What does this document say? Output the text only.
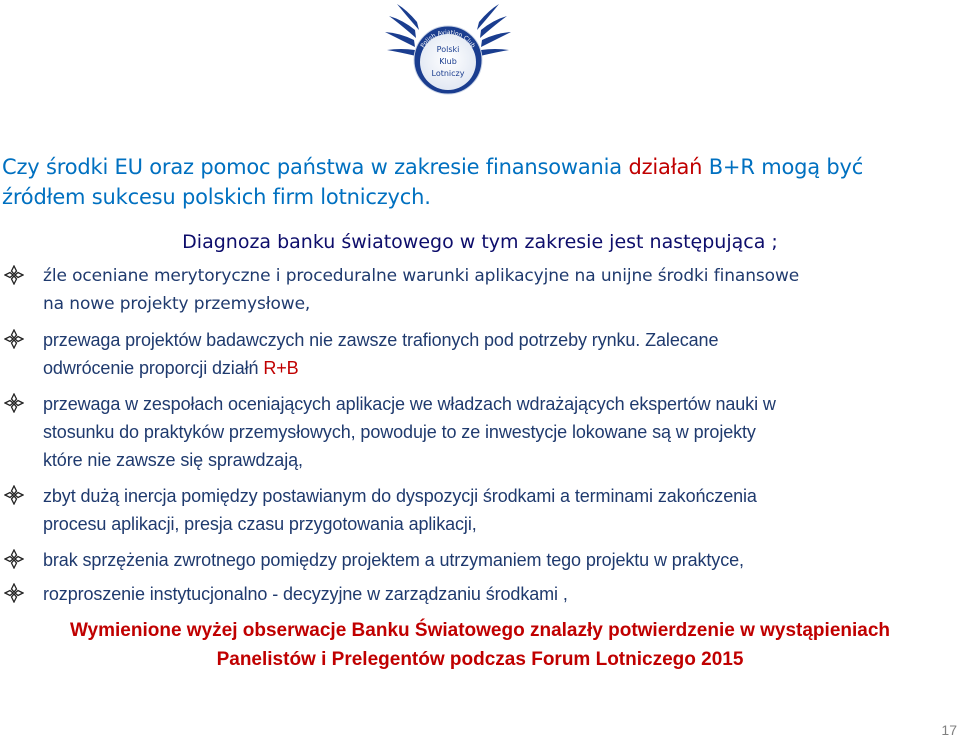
Polish Aviation Club
Polski
Klub
Lotniczy
Czy środki EU oraz pomoc państwa w zakresie finansowania działań B+R mogą być
źródłem sukcesu polskich firm lotniczych.
Diagnoza banku światowego w tym zakresie jest następująca ;
źle oceniane merytoryczne i proceduralne warunki aplikacyjne na unijne środki finansowe
na nowe projekty przemysłowe,
przewaga projektów badawczych nie zawsze trafionych pod potrzeby rynku. Zalecane
odwrócenie proporcji działń R+B
przewaga w zespołach oceniających aplikacje we władzach wdrażających ekspertów nauki w
stosunku do praktyków przemysłowych, powoduje to ze inwestycje lokowane są w projekty
które nie zawsze się sprawdzają,
zbyt dużą inercja pomiędzy postawianym do dyspozycji środkami a terminami zakończenia
procesu aplikacji, presja czasu przygotowania aplikacji,
brak sprzężenia zwrotnego pomiędzy projektem a utrzymaniem tego projektu w praktyce,
rozproszenie instytucjonalno - decyzyjne w zarządzaniu środkami ,
Wymienione wyżej obserwacje Banku Światowego znalazły potwierdzenie w wystąpieniach
Panelistów i Prelegentów podczas Forum Lotniczego 2015
17
